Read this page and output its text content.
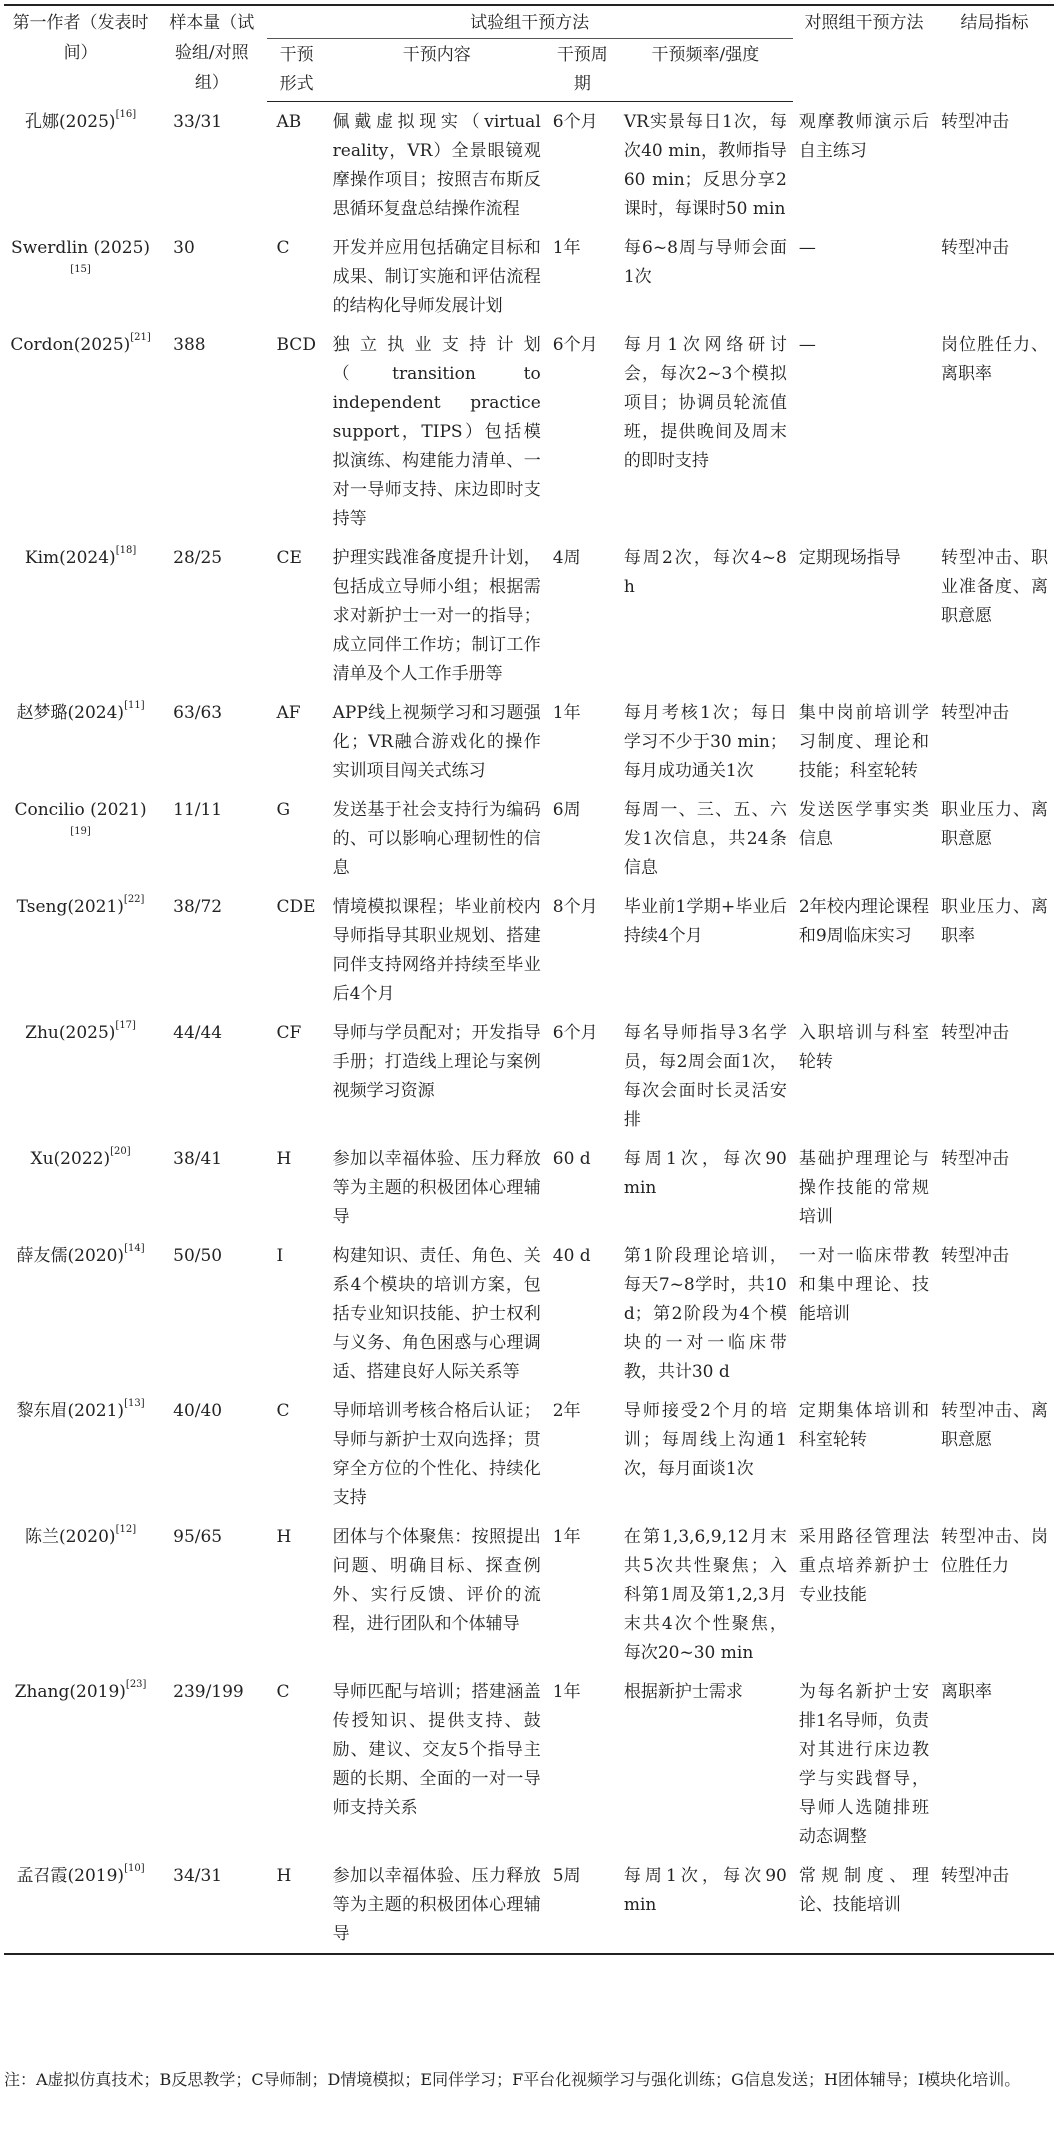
第一作者（发表时间）	样本量（试验组/对照组）	试验组干预方法				对照组干预方法	结局指标
		干预形式	干预内容	干预周期	干预频率/强度		
孔娜(2025)[16]	33/31	AB	佩戴虚拟现实（virtual reality，VR）全景眼镜观摩操作项目；按照吉布斯反思循环复盘总结操作流程	6个月	VR实景每日1次，每次40 min，教师指导60 min；反思分享2课时，每课时50 min	观摩教师演示后自主练习	转型冲击
Swerdlin (2025)[15]	30	C	开发并应用包括确定目标和成果、制订实施和评估流程的结构化导师发展计划	1年	每6~8周与导师会面1次	—	转型冲击
Cordon(2025)[21]	388	BCD	独立执业支持计划（transition to independent practice support，TIPS）包括模拟演练、构建能力清单、一对一导师支持、床边即时支持等	6个月	每月1次网络研讨会，每次2~3个模拟项目；协调员轮流值班，提供晚间及周末的即时支持	—	岗位胜任力、离职率
Kim(2024)[18]	28/25	CE	护理实践准备度提升计划，包括成立导师小组；根据需求对新护士一对一的指导；成立同伴工作坊；制订工作清单及个人工作手册等	4周	每周2次，每次4~8 h	定期现场指导	转型冲击、职业准备度、离职意愿
赵梦璐(2024)[11]	63/63	AF	APP线上视频学习和习题强化；VR融合游戏化的操作实训项目闯关式练习	1年	每月考核1次；每日学习不少于30 min；每月成功通关1次	集中岗前培训学习制度、理论和技能；科室轮转	转型冲击
Concilio (2021)[19]	11/11	G	发送基于社会支持行为编码的、可以影响心理韧性的信息	6周	每周一、三、五、六发1次信息，共24条信息	发送医学事实类信息	职业压力、离职意愿
Tseng(2021)[22]	38/72	CDE	情境模拟课程；毕业前校内导师指导其职业规划、搭建同伴支持网络并持续至毕业后4个月	8个月	毕业前1学期+毕业后持续4个月	2年校内理论课程和9周临床实习	职业压力、离职率
Zhu(2025)[17]	44/44	CF	导师与学员配对；开发指导手册；打造线上理论与案例视频学习资源	6个月	每名导师指导3名学员，每2周会面1次，每次会面时长灵活安排	入职培训与科室轮转	转型冲击
Xu(2022)[20]	38/41	H	参加以幸福体验、压力释放等为主题的积极团体心理辅导	60 d	每周1次，每次90 min	基础护理理论与操作技能的常规培训	转型冲击
薛友儒(2020)[14]	50/50	I	构建知识、责任、角色、关系4个模块的培训方案，包括专业知识技能、护士权利与义务、角色困惑与心理调适、搭建良好人际关系等	40 d	第1阶段理论培训，每天7~8学时，共10 d；第2阶段为4个模块的一对一临床带教，共计30 d	一对一临床带教和集中理论、技能培训	转型冲击
黎东眉(2021)[13]	40/40	C	导师培训考核合格后认证；导师与新护士双向选择；贯穿全方位的个性化、持续化支持	2年	导师接受2个月的培训；每周线上沟通1次，每月面谈1次	定期集体培训和科室轮转	转型冲击、离职意愿
陈兰(2020)[12]	95/65	H	团体与个体聚焦：按照提出问题、明确目标、探查例外、实行反馈、评价的流程，进行团队和个体辅导	1年	在第1,3,6,9,12月末共5次共性聚焦；入科第1周及第1,2,3月末共4次个性聚焦，每次20~30 min	采用路径管理法重点培养新护士专业技能	转型冲击、岗位胜任力
Zhang(2019)[23]	239/199	C	导师匹配与培训；搭建涵盖传授知识、提供支持、鼓励、建议、交友5个指导主题的长期、全面的一对一导师支持关系	1年	根据新护士需求	为每名新护士安排1名导师，负责对其进行床边教学与实践督导，导师人选随排班动态调整	离职率
孟召霞(2019)[10]	34/31	H	参加以幸福体验、压力释放等为主题的积极团体心理辅导	5周	每周1次，每次90 min	常规制度、理论、技能培训	转型冲击
注：A虚拟仿真技术；B反思教学；C导师制；D情境模拟；E同伴学习；F平台化视频学习与强化训练；G信息发送；H团体辅导；I模块化培训。
